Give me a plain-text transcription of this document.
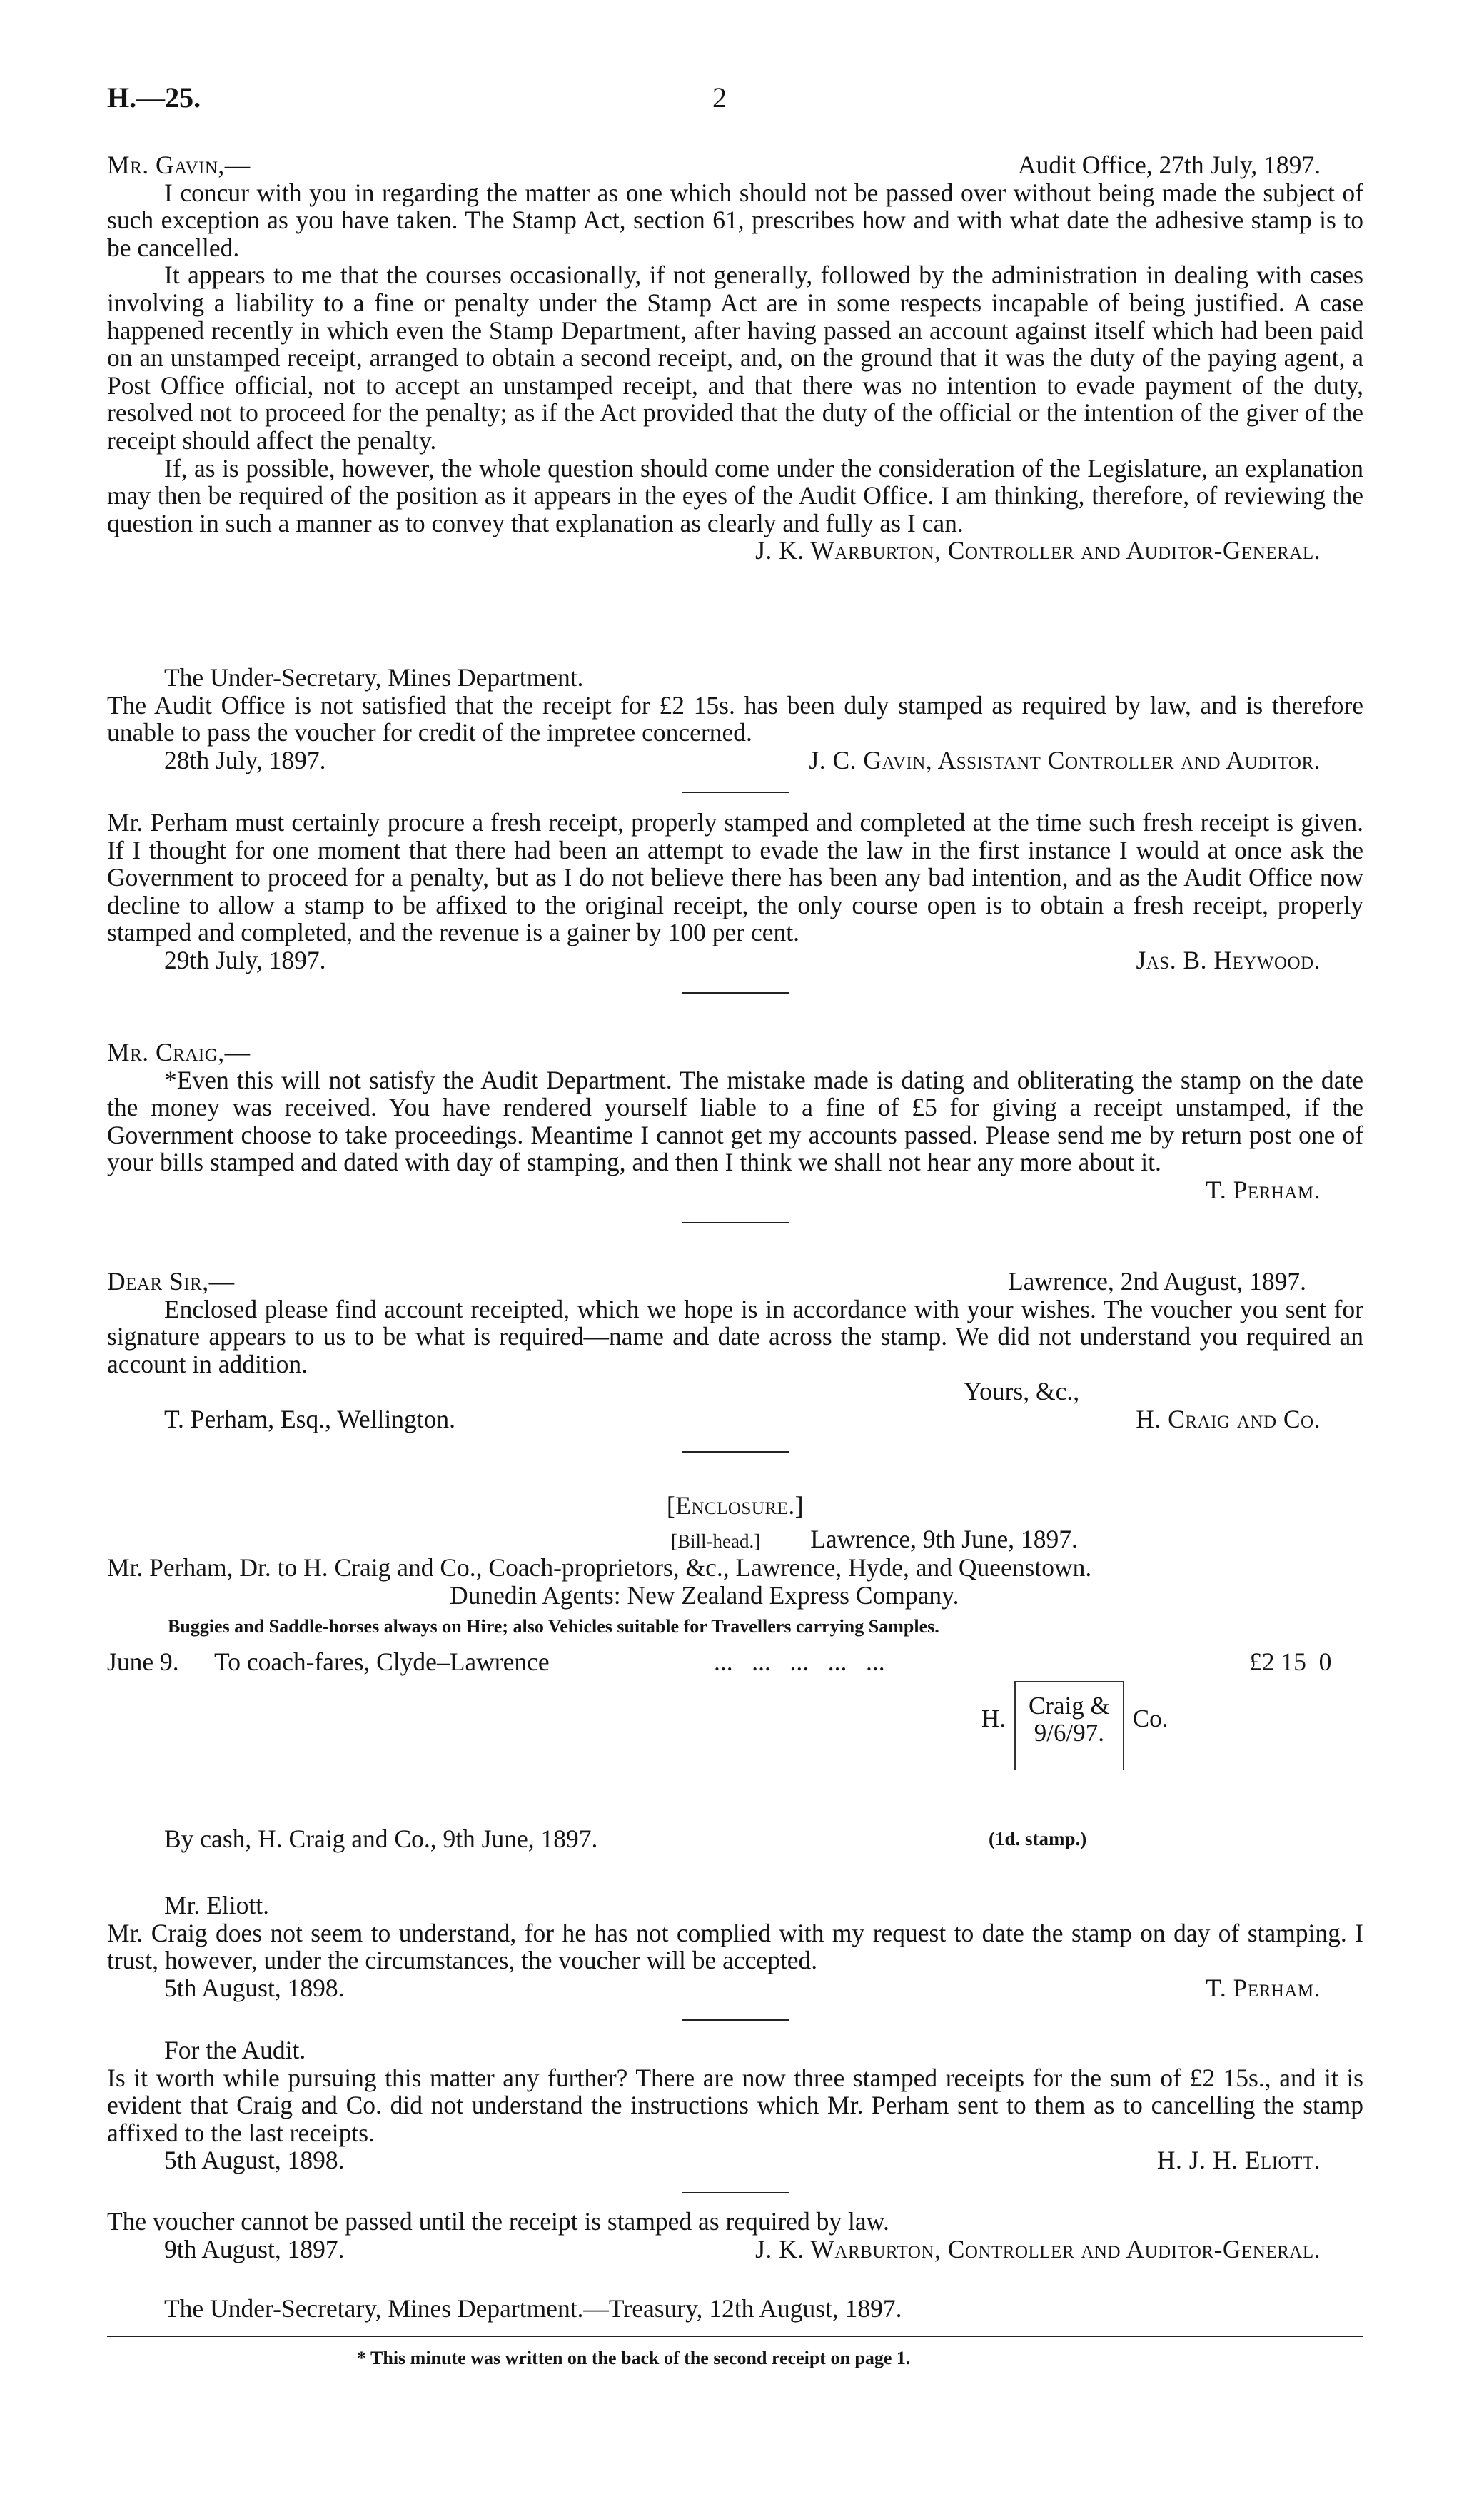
H.—25.	2
Mr. Gavin,—	Audit Office, 27th July, 1897.

I concur with you in regarding the matter as one which should not be passed over without being made the subject of such exception as you have taken. The Stamp Act, section 61, prescribes how and with what date the adhesive stamp is to be cancelled.

It appears to me that the courses occasionally, if not generally, followed by the administration in dealing with cases involving a liability to a fine or penalty under the Stamp Act are in some respects incapable of being justified. A case happened recently in which even the Stamp Department, after having passed an account against itself which had been paid on an unstamped receipt, arranged to obtain a second receipt, and, on the ground that it was the duty of the paying agent, a Post Office official, not to accept an unstamped receipt, and that there was no intention to evade payment of the duty, resolved not to proceed for the penalty; as if the Act provided that the duty of the official or the intention of the giver of the receipt should affect the penalty.

If, as is possible, however, the whole question should come under the consideration of the Legislature, an explanation may then be required of the position as it appears in the eyes of the Audit Office. I am thinking, therefore, of reviewing the question in such a manner as to convey that explanation as clearly and fully as I can.

J. K. Warburton, Controller and Auditor-General.
The Under-Secretary, Mines Department.

The Audit Office is not satisfied that the receipt for £2 15s. has been duly stamped as required by law, and is therefore unable to pass the voucher for credit of the impretee concerned.

28th July, 1897.	J. C. Gavin, Assistant Controller and Auditor.

Mr. Perham must certainly procure a fresh receipt, properly stamped and completed at the time such fresh receipt is given. If I thought for one moment that there had been an attempt to evade the law in the first instance I would at once ask the Government to proceed for a penalty, but as I do not believe there has been any bad intention, and as the Audit Office now decline to allow a stamp to be affixed to the original receipt, the only course open is to obtain a fresh receipt, properly stamped and completed, and the revenue is a gainer by 100 per cent.

29th July, 1897.	Jas. B. Heywood.
Mr. Craig,—

*Even this will not satisfy the Audit Department. The mistake made is dating and obliterating the stamp on the date the money was received. You have rendered yourself liable to a fine of £5 for giving a receipt unstamped, if the Government choose to take proceedings. Meantime I cannot get my accounts passed. Please send me by return post one of your bills stamped and dated with day of stamping, and then I think we shall not hear any more about it.

T. Perham.
Dear Sir,—	Lawrence, 2nd August, 1897.

Enclosed please find account receipted, which we hope is in accordance with your wishes. The voucher you sent for signature appears to us to be what is required—name and date across the stamp. We did not understand you required an account in addition.

Yours, &c.,
T. Perham, Esq., Wellington.	H. Craig and Co.
[Enclosure.]
[Bill-head.] Lawrence, 9th June, 1897.
Mr. Perham, Dr. to H. Craig and Co., Coach-proprietors, &c., Lawrence, Hyde, and Queenstown.
Dunedin Agents: New Zealand Express Company.
Buggies and Saddle-horses always on Hire; also Vehicles suitable for Travellers carrying Samples.
June 9.	To coach-fares, Clyde–Lawrence	...   ...   ...   ...   ...	£2 15  0
H. Craig &
9/6/97.
Co.
(1d. stamp.)
By cash, H. Craig and Co., 9th June, 1897.
Mr. Eliott.

Mr. Craig does not seem to understand, for he has not complied with my request to date the stamp on day of stamping. I trust, however, under the circumstances, the voucher will be accepted.

5th August, 1898.	T. Perham.
For the Audit.

Is it worth while pursuing this matter any further? There are now three stamped receipts for the sum of £2 15s., and it is evident that Craig and Co. did not understand the instructions which Mr. Perham sent to them as to cancelling the stamp affixed to the last receipts.

5th August, 1898.	H. J. H. Eliott.

The voucher cannot be passed until the receipt is stamped as required by law.

9th August, 1897.	J. K. Warburton, Controller and Auditor-General.
The Under-Secretary, Mines Department.—Treasury, 12th August, 1897.
* This minute was written on the back of the second receipt on page 1.
